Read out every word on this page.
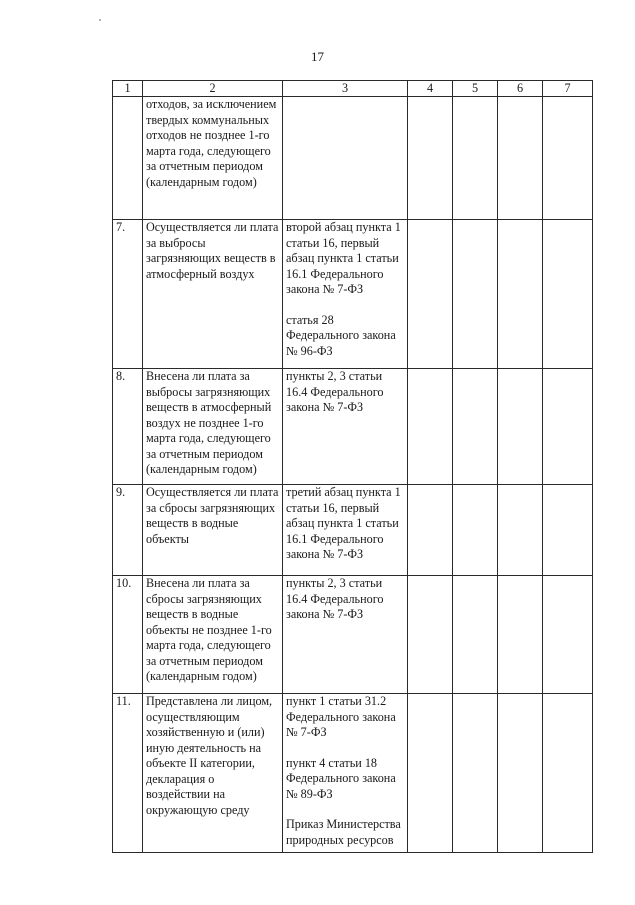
17
1	2	3	4	5	6	7
	отходов, за исключением твердых коммунальных отходов не позднее 1-го марта года, следующего за отчетным периодом (календарным годом)					
7.	Осуществляется ли плата за выбросы загрязняющих веществ в атмосферный воздух	второй абзац пункта 1 статьи 16, первый абзац пункта 1 статьи 16.1 Федерального закона № 7-ФЗ
статья 28 Федерального закона № 96-ФЗ				

8.	Внесена ли плата за выбросы загрязняющих веществ в атмосферный воздух не позднее 1-го марта года, следующего за отчетным периодом (календарным годом)	пункты 2, 3 статьи 16.4 Федерального закона № 7-ФЗ				

9.	Осуществляется ли плата за сбросы загрязняющих веществ в водные объекты	третий абзац пункта 1 статьи 16, первый абзац пункта 1 статьи 16.1 Федерального закона № 7-ФЗ				

10.	Внесена ли плата за сбросы загрязняющих веществ в водные объекты не позднее 1-го марта года, следующего за отчетным периодом (календарным годом)	пункты 2, 3 статьи 16.4 Федерального закона № 7-ФЗ				

11.	Представлена ли лицом, осуществляющим хозяйственную и (или) иную деятельность на объекте II категории, декларация о воздействии на окружающую среду	пункт 1 статьи 31.2 Федерального закона № 7-ФЗ
пункт 4 статьи 18 Федерального закона № 89-ФЗ
Приказ Министерства природных ресурсов				
